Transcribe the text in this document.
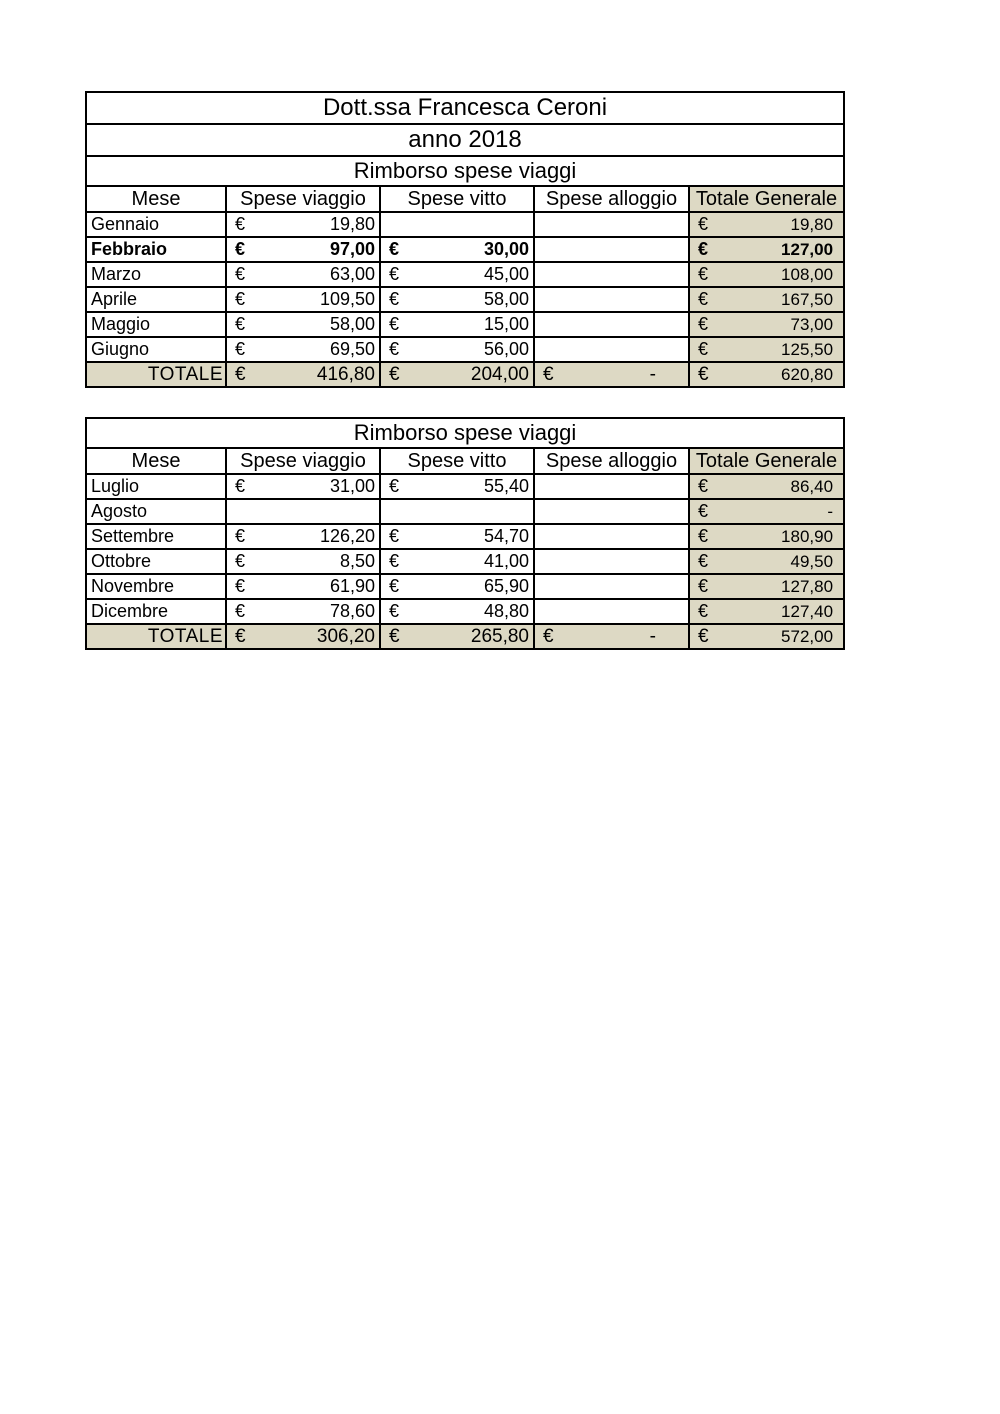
Dott.ssa Francesca Ceroni				
anno 2018				
Rimborso spese viaggi				
Mese	Spese viaggio	Spese vitto	Spese alloggio	Totale Generale
Gennaio	€ 19,80			€ 19,80

Febbraio	€ 97,00	€ 30,00		€ 127,00

Marzo	€ 63,00	€ 45,00		€ 108,00

Aprile	€ 109,50	€ 58,00		€ 167,50

Maggio	€ 58,00	€ 15,00		€ 73,00

Giugno	€ 69,50	€ 56,00		€ 125,50

TOTALE	€ 416,80	€ 204,00	€ -	€ 620,80
Rimborso spese viaggi				
Mese	Spese viaggio	Spese vitto	Spese alloggio	Totale Generale
Luglio	€ 31,00	€ 55,40		€ 86,40

Agosto				€ -

Settembre	€ 126,20	€ 54,70		€ 180,90

Ottobre	€ 8,50	€ 41,00		€ 49,50

Novembre	€ 61,90	€ 65,90		€ 127,80

Dicembre	€ 78,60	€ 48,80		€ 127,40

TOTALE	€ 306,20	€ 265,80	€ -	€ 572,00
